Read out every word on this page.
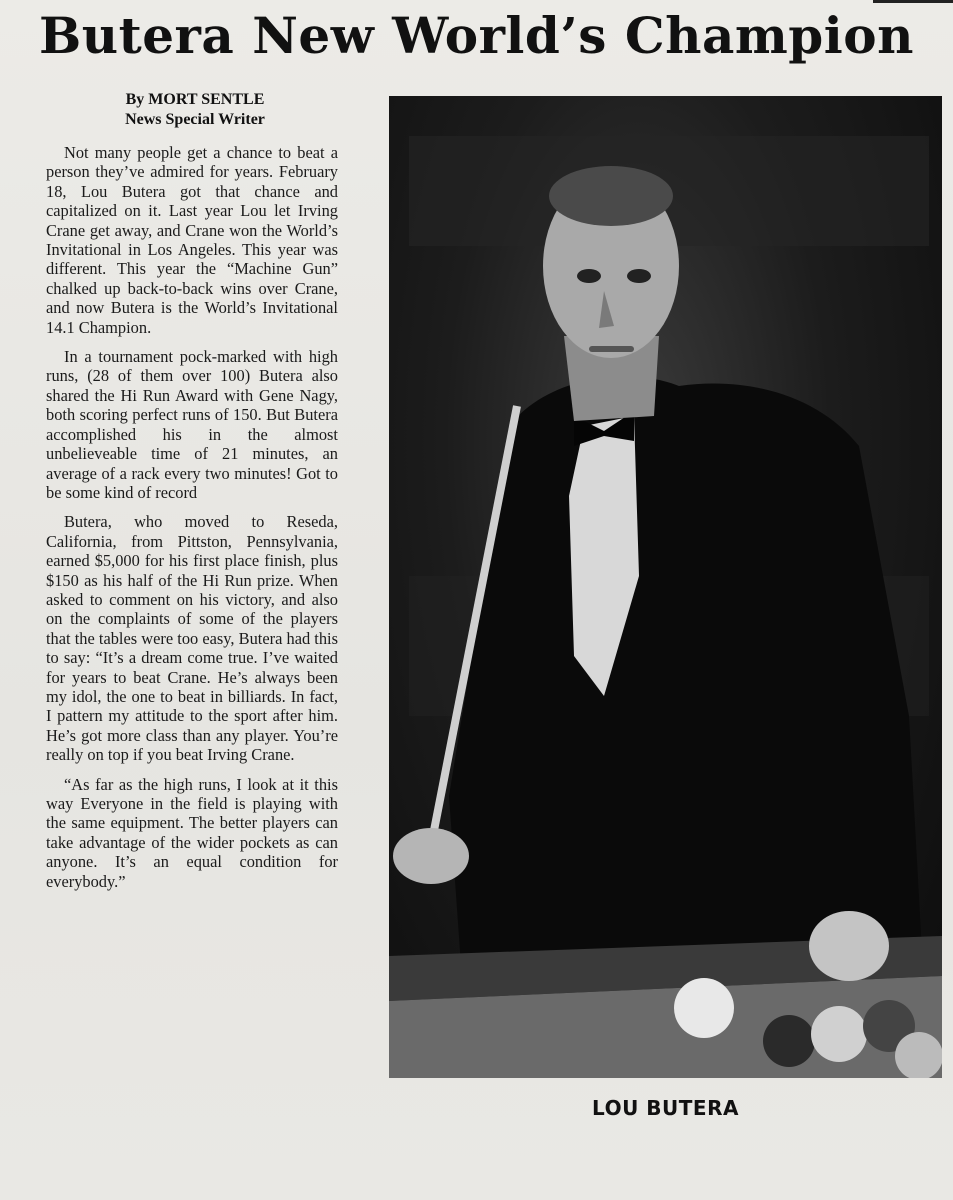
Butera New World’s Champion
By MORT SENTLE
News Special Writer

Not many people get a chance to beat a person they’ve admired for years. February 18, Lou Butera got that chance and capitalized on it. Last year Lou let Irving Crane get away, and Crane won the World’s Invitational in Los Angeles. This year was different. This year the “Machine Gun” chalked up back-to-back wins over Crane, and now Butera is the World’s Invitational 14.1 Champion.

In a tournament pock-marked with high runs, (28 of them over 100) Butera also shared the Hi Run Award with Gene Nagy, both scoring perfect runs of 150. But Butera accomplished his in the almost unbelieveable time of 21 minutes, an average of a rack every two minutes! Got to be some kind of record

Butera, who moved to Reseda, California, from Pittston, Pennsylvania, earned $5,000 for his first place finish, plus $150 as his half of the Hi Run prize. When asked to comment on his victory, and also on the complaints of some of the players that the tables were too easy, Butera had this to say: “It’s a dream come true. I’ve waited for years to beat Crane. He’s always been my idol, the one to beat in billiards. In fact, I pattern my attitude to the sport after him. He’s got more class than any player. You’re really on top if you beat Irving Crane.

“As far as the high runs, I look at it this way Everyone in the field is playing with the same equipment. The better players can take advantage of the wider pockets as can anyone. It’s an equal condition for everybody.”

LOU BUTERA
